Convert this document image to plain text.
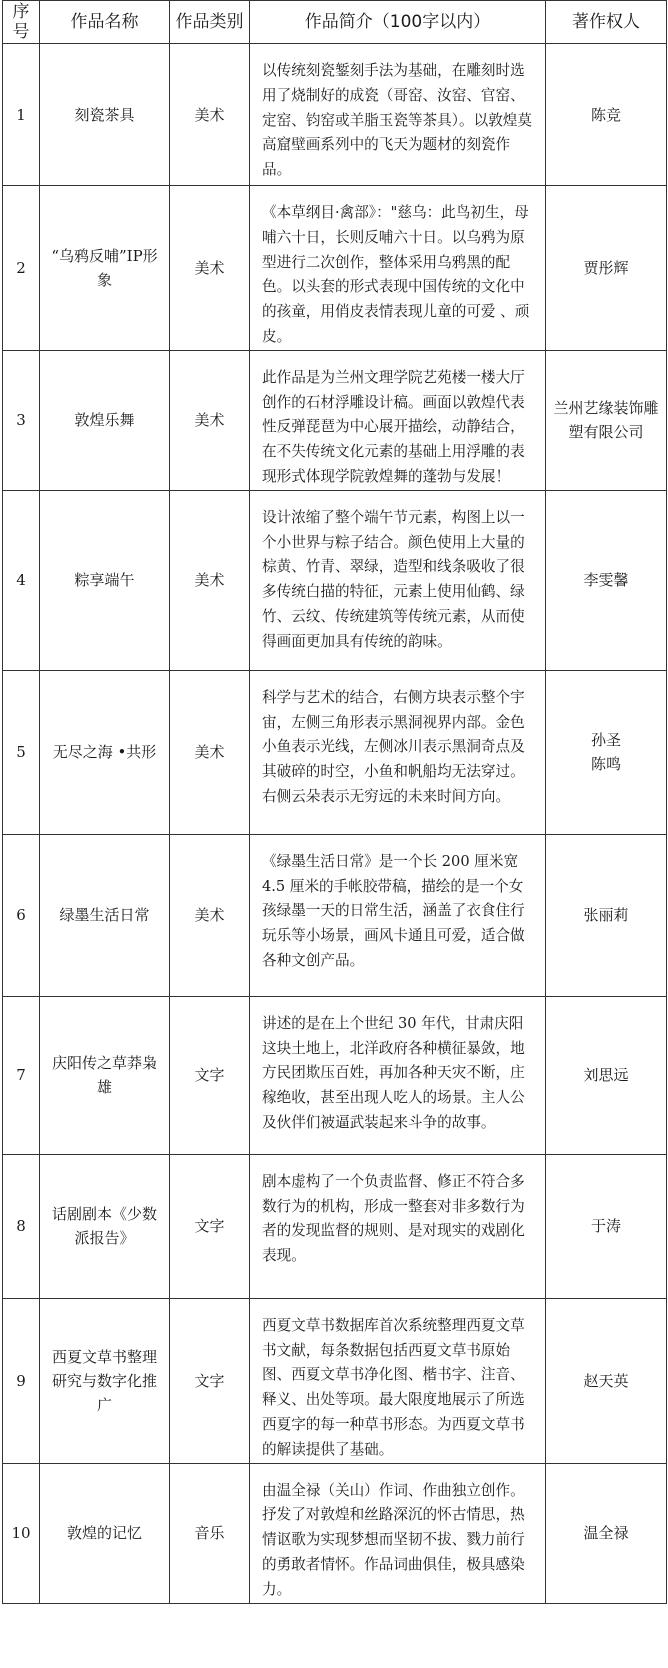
序号	作品名称	作品类别	作品简介（100字以内）	著作权人
1	刻瓷茶具	美术	以传统刻瓷錾刻手法为基础，在雕刻时选用了烧制好的成瓷（哥窑、汝窑、官窑、定窑、钧窑或羊脂玉瓷等茶具）。以敦煌莫高窟壁画系列中的飞天为题材的刻瓷作品。	陈竞
2	“乌鸦反哺”IP形象	美术	《本草纲目·禽部》："慈乌：此鸟初生，母哺六十日，长则反哺六十日。以乌鸦为原型进行二次创作，整体采用乌鸦黑的配色。以头套的形式表现中国传统的文化中的孩童，用俏皮表情表现儿童的可爱 、顽皮。	贾彤辉
3	敦煌乐舞	美术	此作品是为兰州文理学院艺苑楼一楼大厅创作的石材浮雕设计稿。画面以敦煌代表性反弹琵琶为中心展开描绘，动静结合，在不失传统文化元素的基础上用浮雕的表现形式体现学院敦煌舞的蓬勃与发展！	兰州艺缘装饰雕塑有限公司
4	粽享端午	美术	设计浓缩了整个端午节元素，构图上以一个小世界与粽子结合。颜色使用上大量的棕黄、竹青、翠绿，造型和线条吸收了很多传统白描的特征，元素上使用仙鹤、绿竹、云纹、传统建筑等传统元素，从而使得画面更加具有传统的韵味。	李雯馨
5	无尽之海 •共形	美术	科学与艺术的结合，右侧方块表示整个宇宙，左侧三角形表示黑洞视界内部。金色小鱼表示光线，左侧冰川表示黑洞奇点及其破碎的时空，小鱼和帆船均无法穿过。右侧云朵表示无穷远的未来时间方向。	孙圣
陈鸣
6	绿墨生活日常	美术	《绿墨生活日常》是一个长 200 厘米宽 4.5 厘米的手帐胶带稿，描绘的是一个女孩绿墨一天的日常生活，涵盖了衣食住行玩乐等小场景，画风卡通且可爱，适合做各种文创产品。	张丽莉
7	庆阳传之草莽枭雄	文字	讲述的是在上个世纪 30 年代，甘肃庆阳这块土地上，北洋政府各种横征暴敛，地方民团欺压百姓，再加各种天灾不断，庄稼绝收，甚至出现人吃人的场景。主人公及伙伴们被逼武装起来斗争的故事。	刘思远
8	话剧剧本《少数派报告》	文字	剧本虚构了一个负责监督、修正不符合多数行为的机构，形成一整套对非多数行为者的发现监督的规则、是对现实的戏剧化表现。	于涛
9	西夏文草书整理研究与数字化推广	文字	西夏文草书数据库首次系统整理西夏文草书文献，每条数据包括西夏文草书原始图、西夏文草书净化图、楷书字、注音、释义、出处等项。最大限度地展示了所选西夏字的每一种草书形态。为西夏文草书的解读提供了基础。	赵天英
10	敦煌的记忆	音乐	由温全禄（关山）作词、作曲独立创作。抒发了对敦煌和丝路深沉的怀古情思，热情讴歌为实现梦想而坚韧不拔、戮力前行的勇敢者情怀。作品词曲俱佳，极具感染力。	温全禄
